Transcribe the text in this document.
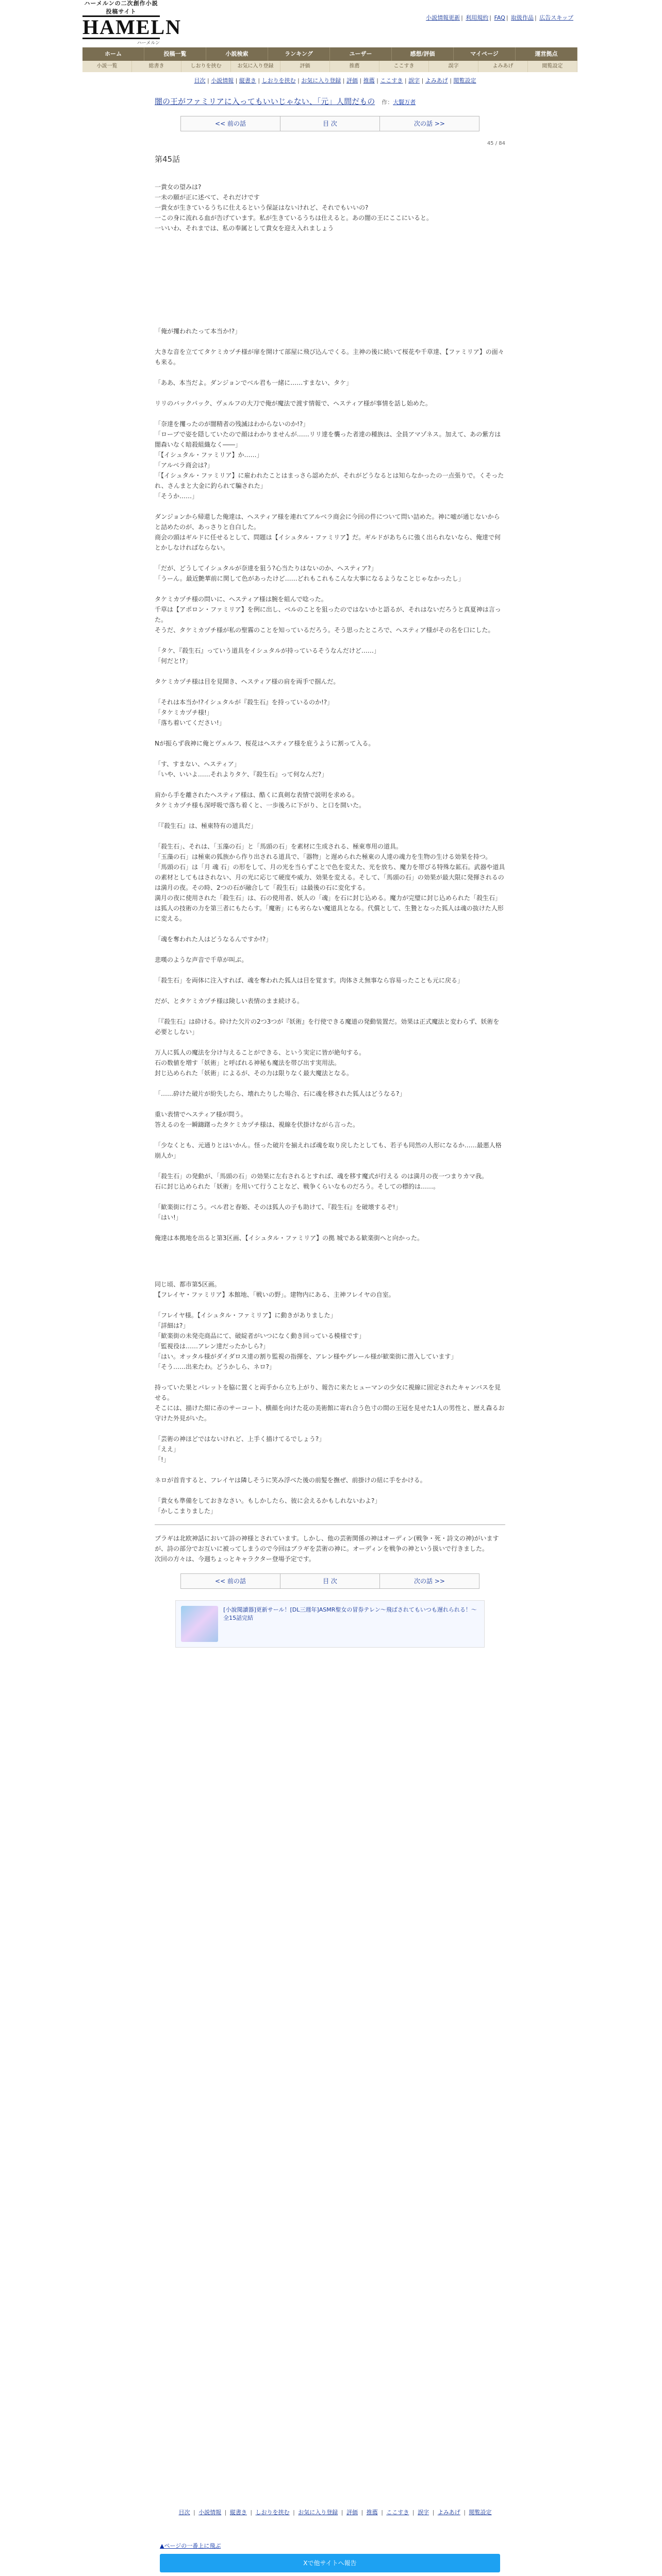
ハーメルンの二次創作小説投稿サイト
HAMELN
ハーメルン
小説情報更新 | 利用規約 | FAQ | 取扱作品 | 広告スキップ
ホーム	投稿一覧	小説検索	ランキング	ユーザー	感想/評価	マイページ	運営拠点
小説一覧	総書き	しおりを挟む	お気に入り登録	評価	推薦	ここすき	誤字	よみあげ	閲覧設定
目次 | 小説情報 | 縦書き | しおりを挟む | お気に入り登録 | 評価 | 推薦 | ここすき | 誤字 | よみあげ | 閲覧設定
闇の王がファミリアに入ってもいいじゃない、「元」人間だもの 作：大賢万者
<< 前の話	目 次	次の話 >>
45 / 84
第45話

一貴女の望みは?
一未の願が正に述べて、それだけです
一貴女が生きているうちに仕えるという保証はないけれど、それでもいいの?
一この身に流れる血が告げています。私が生きているうちは仕えると。あの闇の王にここにいると。
一いいわ、それまでは、私の奉属として貴女を迎え入れましょう

「俺が攫われたって本当か!?」

大きな音を立ててタケミカヅチ様が扉を開けて部屋に飛び込んでくる。主神の後に続いて桜花や千草達、【ファミリア】の面々も来る。

「ああ、本当だよ。ダンジョンでベル君も一緒に……すまない、タケ」

リリのバックパック、ヴェルフの大刀で俺が魔法で渡す情報で、ヘスティア様が事情を話し始めた。

「奈達を攫ったのが闇精者の残滅はわからないのか!?」
「ローブで姿を隠していたので顔はわかりませんが……リリ達を襲った者達の種族は、全員アマゾネス。加えて、あの紫方は闇森いなく暗殺組織なく――」
「【イシュタル・ファミリア】か……」
「アルベラ商会は?」
「【イシュタル・ファミリア】に雇われたことはまっさら認めたが、それがどうなるとは知らなかったの一点張りで。くそったれ、さんまと大金に釣られて騙された」
「そうか……」

ダンジョンから帰還した俺達は、ヘスティア様を連れてアルベラ商会に今回の件について問い詰めた。神に嘘が通じないからと詰めたのが、あっさりと自白した。
商会の頭はギルドに任せるとして、問題は【イシュタル・ファミリア】だ。ギルドがあちらに強く出られないなら、俺達で何とかしなければならない。

「だが、どうしてイシュタルが奈達を狙う?心当たりはないのか、ヘスティア?」
「うーん。最近艶華前に関して色があったけど……どれもこれもこんな大事になるようなことじゃなかったし」

タケミカヅチ様の問いに、ヘスティア様は腕を組んで唸った。
千草は【アポロン・ファミリア】を例に出し、ベルのことを狙ったのではないかと語るが、それはないだろうと真夏神は言った。
そうだ、タケミカヅチ様が私の聖霧のことを知っているだろう。そう思ったところで、ヘスティア様がその名を口にした。

「タケ、『殺生石』っていう道具をイシュタルが持っているそうなんだけど……」
「何だと!?」

タケミカヅチ様は目を見開き、ヘスティア様の肩を両手で掴んだ。

「それは本当か!?イシュタルが『殺生石』を持っているのか!?」
「タケミカヅチ様!」
「落ち着いてください!」

Nが振らず我神に俺とヴェルフ、桜花はヘスティア様を庇うように割って入る。

「す、すまない、ヘスティア」
「いや、いいよ……それよりタケ、『殺生石』って何なんだ?」

肩から手を離されたヘスティア様は、酷くに真剣な表情で説明を求める。
タケミカヅチ様も深呼吸で落ち着くと、一歩後ろに下がり、と口を開いた。

「『殺生石』は、極東特有の道具だ」

「殺生石」、それは、「玉藻の石」と「馬頭の石」を素材に生成される、極東専用の道具。
「玉藻の石」は極東の狐族から作り出される道具で、「器物」と遅められた極東の人達の魂力を生物の生ける効果を持つ。
「馬頭の石」は「月 魂 石」の形をして、月の光を当らずことで色を変えた、光を放ち、魔力を帯びる特殊な鉱石。武器や道具の素材としてもはされない、月の光に応じて硬度や威力、効果を変える。そして、「馬頭の石」の効果が最大限に発揮されるのは満月の夜。その時、2つの石が融合して「殺生石」は最後の石に変化する。
満月の夜に使用された「殺生石」は、石の使用者、妖人の「魂」を石に封じ込める。魔力が完璧に封じ込められた「殺生石」は狐人の技術の力を第三者にもたらす。「魔術」にも劣らない魔道具となる。代償として、生贄となった狐人は魂の抜けた人形に変える。

「魂を奪われた人はどうなるんですか!?」

悲嘆のような声音で千草が叫ぶ。

「殺生石」を両体に注入すれば、魂を奪われた狐人は目を覚ます。肉体さえ無事なら容易ったことも元に戻る」

だが、とタケミカヅチ様は険しい表情のまま続ける。

「『殺生石』は砕ける。砕けた欠片の2つ3つが『妖術』を行使できる魔道の発動装置だ。効果は正式魔法と変わらず、妖術を必要としない」

万人に狐人の魔法を分け与えることができる、という実定に皆が絶句する。
石の数値を増す「妖術」と呼ばれる神秘も魔法を帯び出す実用法。
封じ込められた「妖術」によるが、その力は限りなく最大魔法となる。

「……砕けた破片が紛失したら、壊れたりした場合、石に魂を移された狐人はどうなる?」

重い表情でヘスティア様が問う。
答えるのを一瞬躊躇ったタケミカヅチ様は、視線を伏掛けながら言った。

「少なくとも、元通りとはいかん。怪った破片を揃えれば魂を取り戻したとしても、若子も同然の人形になるか……最悪人格崩人か」

「殺生石」の発動が、「馬頭の石」の効果に左右されるとすれば、魂を移す魔式が行える のは満月の夜一つまりカマ我。
石に封じ込められた「妖術」を用いて行うことなど、戦争くらいなものだろう。そしての標的は……。

「歓楽街に行こう。ベル君と春姫、そのほ狐人の子も助けて、『殺生石』を破壊するぞ!」
「はい!」

俺達は本拠地を出ると第3区画、【イシュタル・ファミリア】の拠 城である歓楽街へと向かった。

同じ頃、都市第5区画。
【フレイヤ・ファミリア】本館地、「戦いの野」。建物内にある、主神フレイヤの自室。

「フレイヤ様。【イシュタル・ファミリア】に動きがありました」
「詳細は?」
「歓楽街の未発売商品にて、破綻者がいつになく動き回っている模様です」
「監視役は……アレン達だったかしら?」
「はい。オッタル様がダイダロス達の割り監視の指揮を、アレン様やグレール様が歓楽街に潜入しています」
「そう……出来たわ。どうかしら、ネロ?」

持っていた果とパレットを脇に置くと両手から立ち上がり、報告に来たヒューマンの少女に視線に固定されたキャンバスを見せる。
そこには、描けた紺に赤のサーコート、横顔を向けた花の美術館に寄れ合う色寸の間の王冠を見せた1人の男性と、歴え森るお守けた外見がいた。

「芸術の神ほどではないけれど、上手く描けてるでしょう?」
「ええ」
「!」

ネロが首肯すると、フレイヤは隣しそうに笑み浮べた後の前髪を撫ぜ、前掛けの紐に手をかける。

「貴女も準備をしておきなさい。もしかしたら、彼に会えるかもしれないわよ?」
「かしこまりました」

ブラギは北欧神話において詩の神様とされています。しかし、他の芸術関係の神はオーディン(戦争・死・詩文の神)がいますが、詩の部分でお互いに被ってしまうので今回はブラギを芸術の神に。オーディンを戦争の神という扱いで行きました。
次回の方々は、今週ちょっとキャラクター登場予定です。

<< 前の話	目 次	次の話 >>
[小說閱讀器]更新サール！[DL三週年]ASMR聖女の冒券テレン～飛ばされてもいつも遅れられる！～全15話完結
目次 | 小説情報 | 縦書き | しおりを挟む | お気に入り登録 | 評価 | 推薦 | ここすき | 誤字 | よみあげ | 閲覧設定
▲ページの一番上に飛ぶ
Xで他サイトへ報告
